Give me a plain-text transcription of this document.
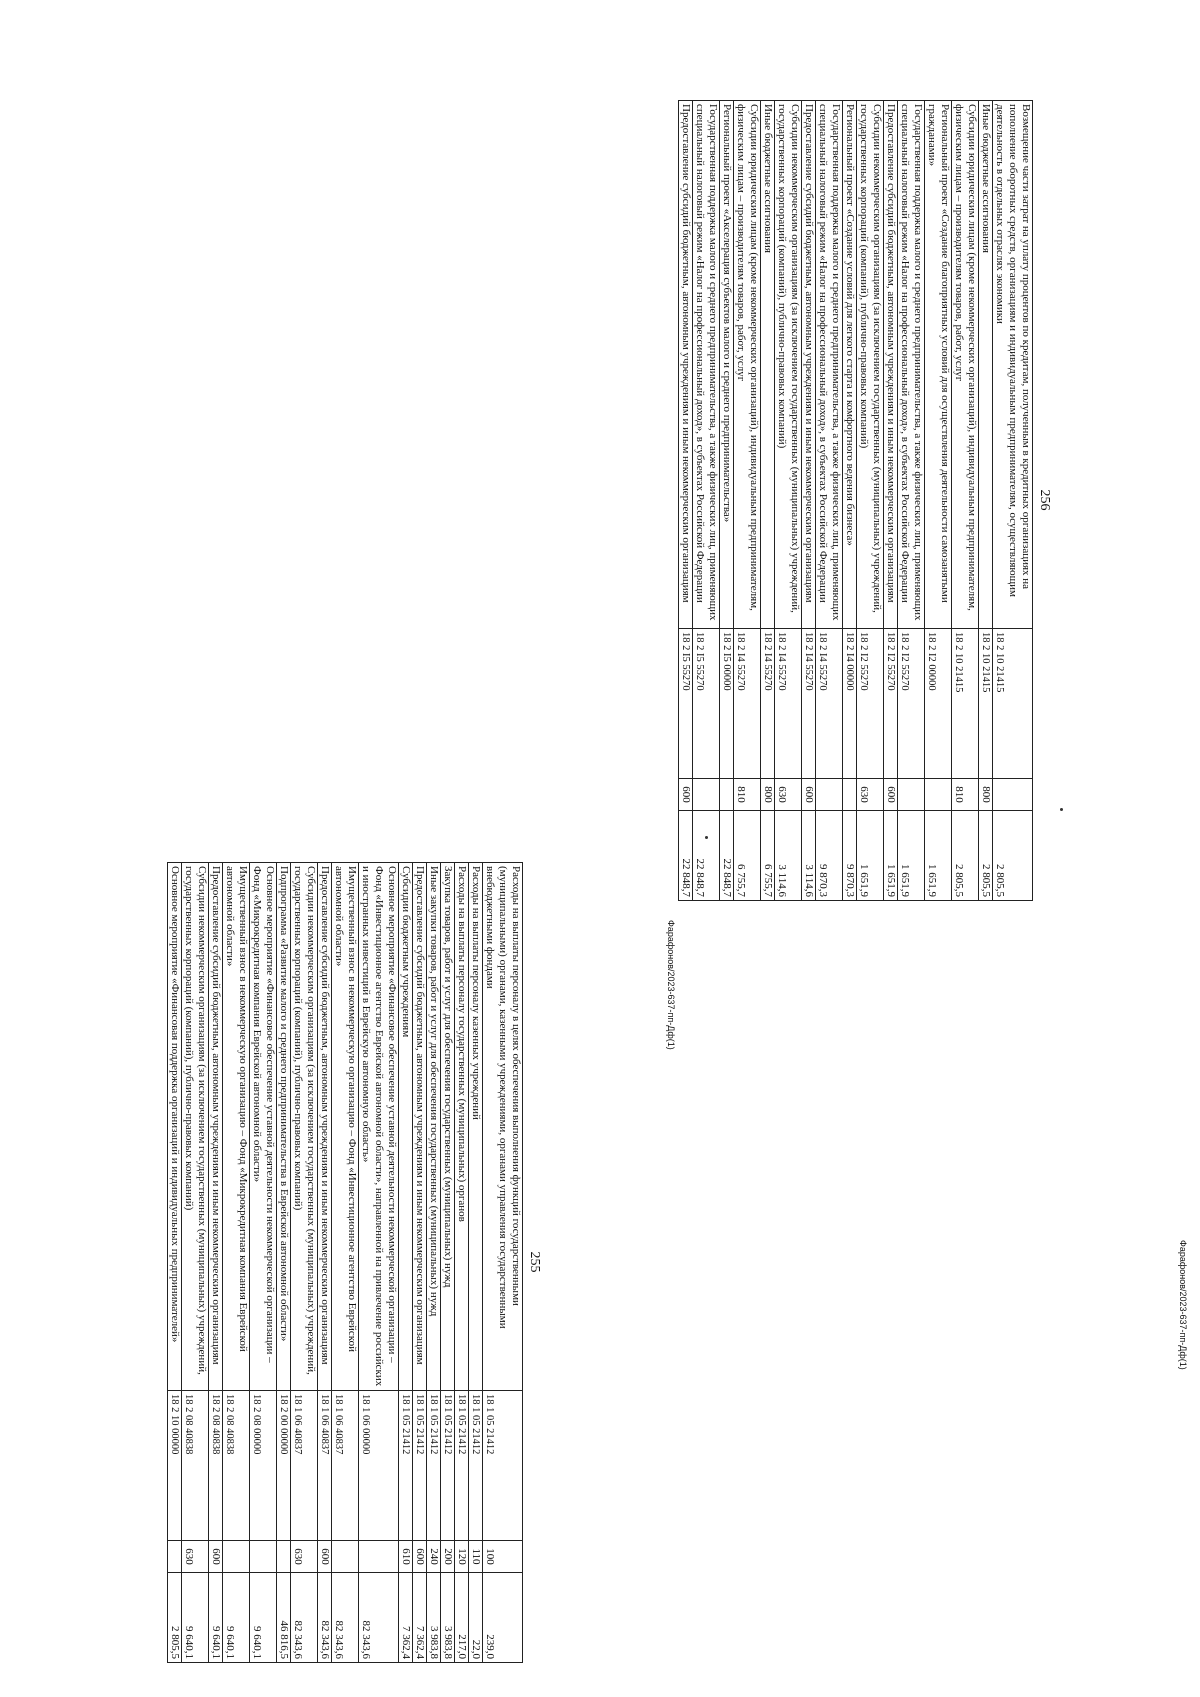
256
Возмещение части затрат на уплату процентов по кредитам, полученным в кредитных организациях на пополнение оборотных средств, организациям и индивидуальным предпринимателям, осуществляющим деятельность в отдельных отраслях экономики	18 2 10 21415		2 805,5
Иные бюджетные ассигнования	18 2 10 21415	800	2 805,5
Субсидии юридическим лицам (кроме некоммерческих организаций), индивидуальным предпринимателям, физическим лицам – производителям товаров, работ, услуг	18 2 10 21415	810	2 805,5
Региональный проект «Создание благоприятных условий для осуществления деятельности самозанятыми гражданами»	18 2 I2 00000		1 651,9
Государственная поддержка малого и среднего предпринимательства, а также физических лиц, применяющих специальный налоговый режим «Налог на профессиональный доход», в субъектах Российской Федерации	18 2 I2 55270		1 651,9
Предоставление субсидий бюджетным, автономным учреждениям и иным некоммерческим организациям	18 2 I2 55270	600	1 651,9
Субсидии некоммерческим организациям (за исключением государственных (муниципальных) учреждений, государственных корпораций (компаний), публично-правовых компаний)	18 2 I2 55270	630	1 651,9
Региональный проект «Создание условий для легкого старта и комфортного ведения бизнеса»	18 2 I4 00000		9 870,3
Государственная поддержка малого и среднего предпринимательства, а также физических лиц, применяющих специальный налоговый режим «Налог на профессиональный доход», в субъектах Российской Федерации	18 2 I4 55270		9 870,3
Предоставление субсидий бюджетным, автономным учреждениям и иным некоммерческим организациям	18 2 I4 55270	600	3 114,6
Субсидии некоммерческим организациям (за исключением государственных (муниципальных) учреждений, государственных корпораций (компаний), публично-правовых компаний)	18 2 I4 55270	630	3 114,6
Иные бюджетные ассигнования	18 2 I4 55270	800	6 755,7
Субсидии юридическим лицам (кроме некоммерческих организаций), индивидуальным предпринимателям, физическим лицам – производителям товаров, работ, услуг	18 2 I4 55270	810	6 755,7
Региональный проект «Акселерация субъектов малого и среднего предпринимательства»	18 2 I5 00000		22 848,7
Государственная поддержка малого и среднего предпринимательства, а также физических лиц, применяющих специальный налоговый режим «Налог на профессиональный доход», в субъектах Российской Федерации	18 2 I5 55270		22 848,7
Предоставление субсидий бюджетным, автономным учреждениям и иным некоммерческим организациям	18 2 I5 55270	600	22 848,7
255
Расходы на выплаты персоналу в целях обеспечения выполнения функций государственными (муниципальными) органами, казенными учреждениями, органами управления государственными внебюджетными фондами	18 1 05 21412	100	239,0
Расходы на выплаты персоналу казенных учреждений	18 1 05 21412	110	22,0
Расходы на выплаты персоналу государственных (муниципальных) органов	18 1 05 21412	120	217,0
Закупка товаров, работ и услуг для обеспечения государственных (муниципальных) нужд	18 1 05 21412	200	3 983,8
Иные закупки товаров, работ и услуг для обеспечения государственных (муниципальных) нужд	18 1 05 21412	240	3 983,8
Предоставление субсидий бюджетным, автономным учреждениям и иным некоммерческим организациям	18 1 05 21412	600	7 362,4
Субсидии бюджетным учреждениям	18 1 05 21412	610	7 362,4
Основное мероприятие «Финансовое обеспечение уставной деятельности некоммерческой организации – Фонд «Инвестиционное агентство Еврейской автономной области», направленной на привлечение российских и иностранных инвестиций в Еврейскую автономную область»	18 1 06 00000		82 343,6
Имущественный взнос в некоммерческую организацию – Фонд «Инвестиционное агентство Еврейской автономной области»	18 1 06 40837		82 343,6
Предоставление субсидий бюджетным, автономным учреждениям и иным некоммерческим организациям	18 1 06 40837	600	82 343,6
Субсидии некоммерческим организациям (за исключением государственных (муниципальных) учреждений, государственных корпораций (компаний), публично-правовых компаний)	18 1 06 40837	630	82 343,6
Подпрограмма «Развитие малого и среднего предпринимательства в Еврейской автономной области»	18 2 00 00000		46 816,5
Основное мероприятие «Финансовое обеспечение уставной деятельности некоммерческой организации – Фонд «Микрокредитная компания Еврейской автономной области»	18 2 08 00000		9 640,1
Имущественный взнос в некоммерческую организацию – Фонд «Микрокредитная компания Еврейской автономной области»	18 2 08 40838		9 640,1
Предоставление субсидий бюджетным, автономным учреждениям и иным некоммерческим организациям	18 2 08 40838	600	9 640,1
Субсидии некоммерческим организациям (за исключением государственных (муниципальных) учреждений, государственных корпораций (компаний), публично-правовых компаний)	18 2 08 40838	630	9 640,1
Основное мероприятие «Финансовая поддержка организаций и индивидуальных предпринимателей»	18 2 10 00000		2 805,5
Фарафонов/2023-637-пп-Дф(1)
Фарафонов/2023-637-пп-Дф(1)
